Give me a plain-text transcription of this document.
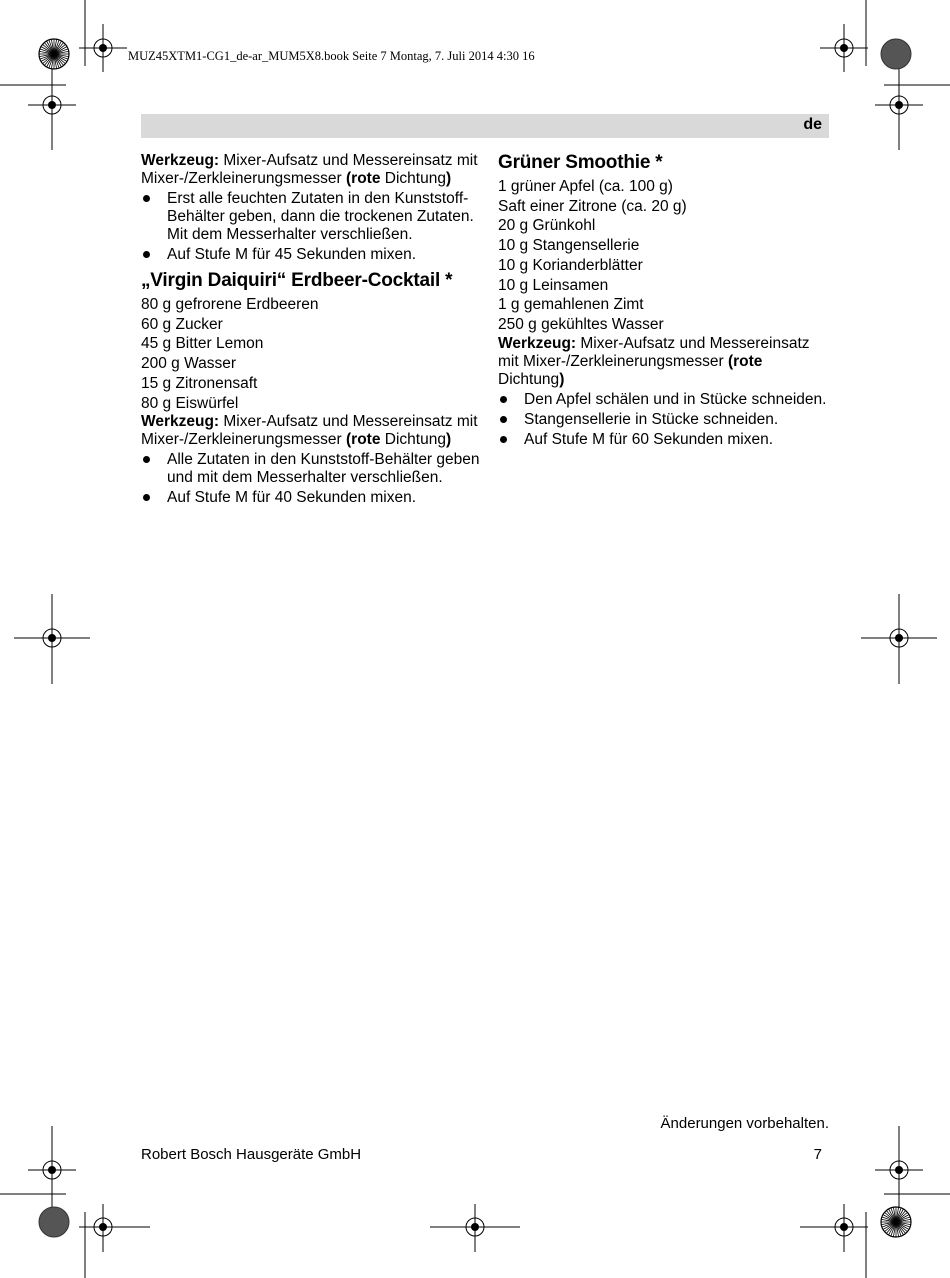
MUZ45XTM1-CG1_de-ar_MUM5X8.book Seite 7 Montag, 7. Juli 2014 4:30 16
de

Werkzeug: Mixer-Aufsatz und Messereinsatz mit Mixer-/Zerkleinerungsmesser (rote Dichtung)

Erst alle feuchten Zutaten in den Kunststoff-Behälter geben, dann die trockenen Zutaten. Mit dem Messerhalter verschließen.
Auf Stufe M für 45 Sekunden mixen.
„Virgin Daiquiri“ Erdbeer-Cocktail *
80 g gefrorene Erdbeeren
60 g Zucker
45 g Bitter Lemon
200 g Wasser
15 g Zitronensaft
80 g Eiswürfel

Werkzeug: Mixer-Aufsatz und Messereinsatz mit Mixer-/Zerkleinerungsmesser (rote Dichtung)

Alle Zutaten in den Kunststoff-Behälter geben und mit dem Messerhalter verschließen.
Auf Stufe M für 40 Sekunden mixen.
Grüner Smoothie *
1 grüner Apfel (ca. 100 g)
Saft einer Zitrone (ca. 20 g)
20 g Grünkohl
10 g Stangensellerie
10 g Korianderblätter
10 g Leinsamen
1 g gemahlenen Zimt
250 g gekühltes Wasser

Werkzeug: Mixer-Aufsatz und Messereinsatz mit Mixer-/Zerkleinerungsmesser (rote Dichtung)

Den Apfel schälen und in Stücke schneiden.
Stangensellerie in Stücke schneiden.
Auf Stufe M für 60 Sekunden mixen.
Änderungen vorbehalten.
Robert Bosch Hausgeräte GmbH	7
